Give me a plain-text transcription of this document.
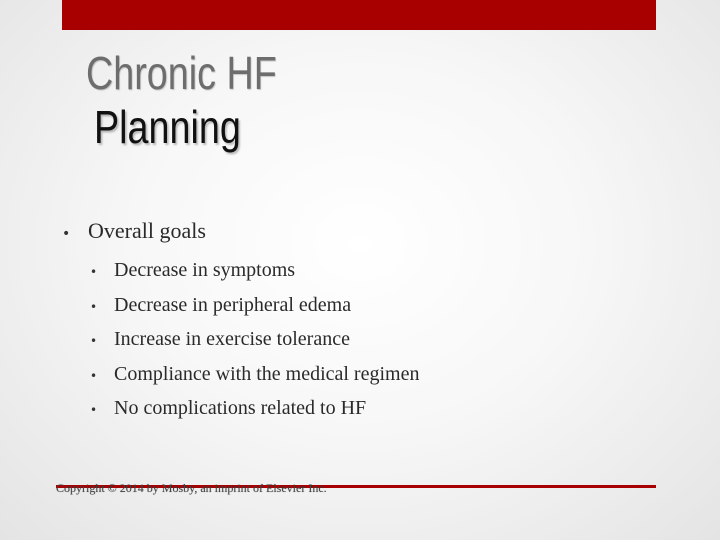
Chronic HF
Planning
• Overall goals
• Decrease in symptoms
• Decrease in peripheral edema
• Increase in exercise tolerance
• Compliance with the medical regimen
• No complications related to HF
Copyright © 2014 by Mosby, an imprint of Elsevier Inc.
